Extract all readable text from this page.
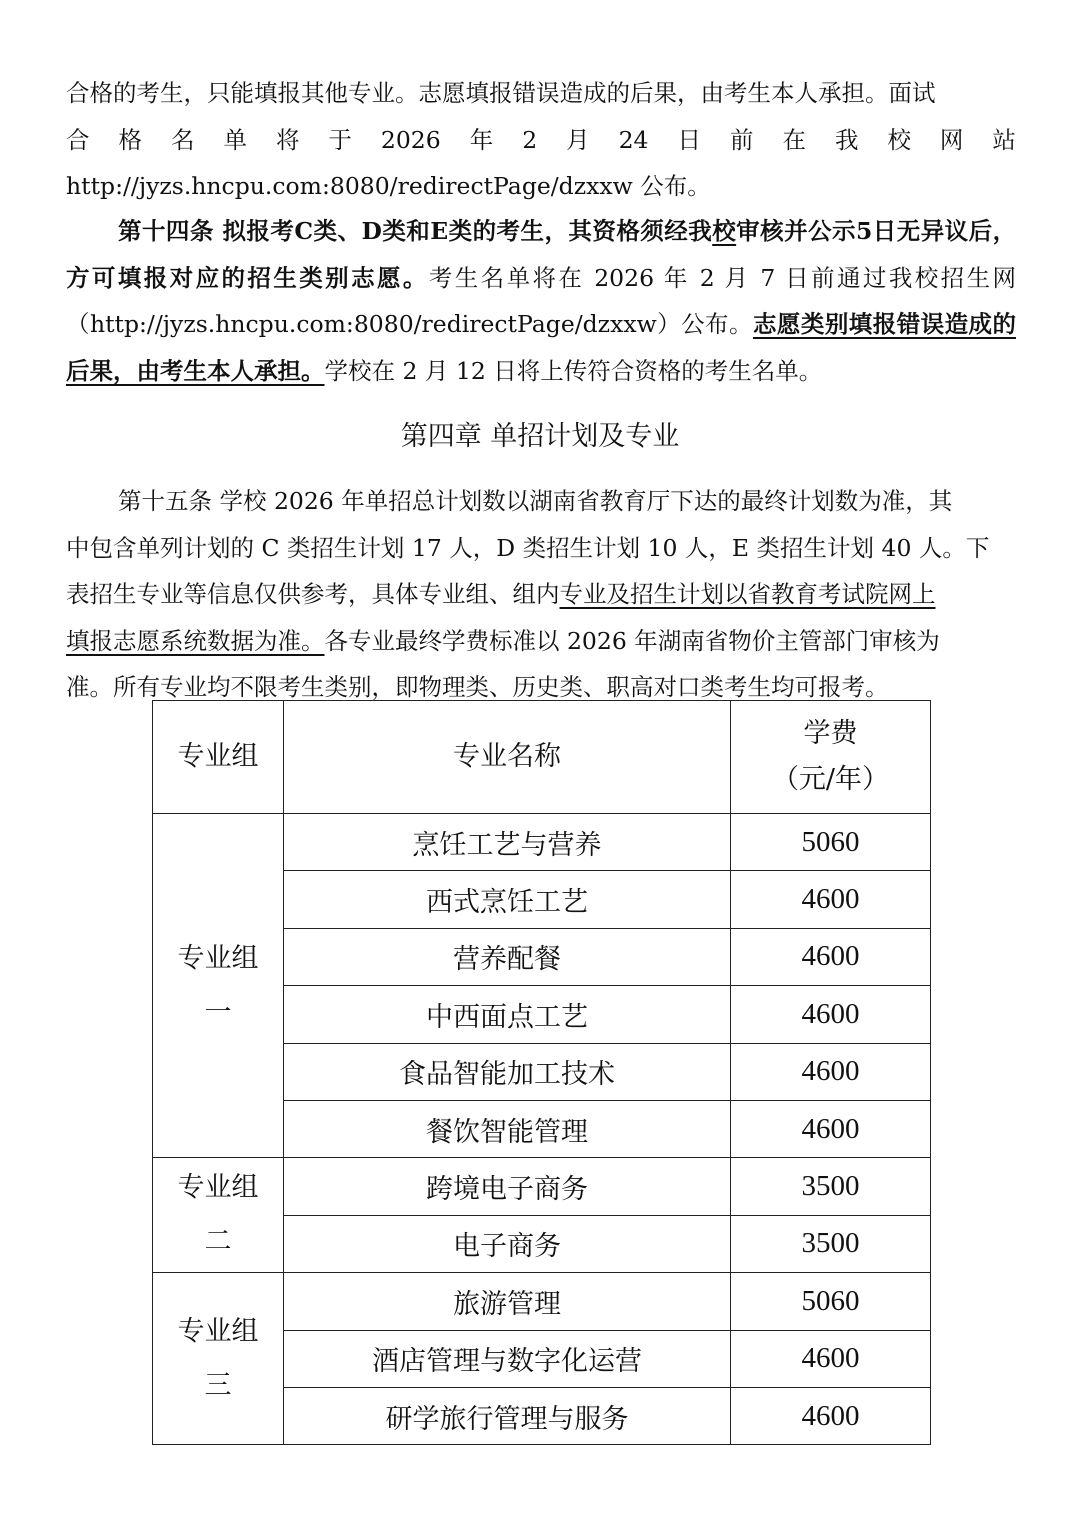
合格的考生，只能填报其他专业。志愿填报错误造成的后果，由考生本人承担。面试
合 格 名 单 将 于 2026 年 2 月 24 日 前 在 我 校 网 站
http://jyzs.hncpu.com:8080/redirectPage/dzxxw 公布。
第十四条 拟报考C类、D类和E类的考生，其资格须经我校审核并公示5日无异议后，方可填报对应的招生类别志愿。考生名单将在 2026 年 2 月 7 日前通过我校招生网（http://jyzs.hncpu.com:8080/redirectPage/dzxxw）公布。志愿类别填报错误造成的后果，由考生本人承担。学校在 2 月 12 日将上传符合资格的考生名单。
第四章 单招计划及专业
第十五条 学校 2026 年单招总计划数以湖南省教育厅下达的最终计划数为准，其
中包含单列计划的 C 类招生计划 17 人，D 类招生计划 10 人，E 类招生计划 40 人。下
表招生专业等信息仅供参考，具体专业组、组内专业及招生计划以省教育考试院网上
填报志愿系统数据为准。各专业最终学费标准以 2026 年湖南省物价主管部门审核为
准。所有专业均不限考生类别，即物理类、历史类、职高对口类考生均可报考。
专业组	专业名称	学费
（元/年）
专业组
一	烹饪工艺与营养	5060
	西式烹饪工艺	4600
	营养配餐	4600
	中西面点工艺	4600
	食品智能加工技术	4600
	餐饮智能管理	4600
专业组
二	跨境电子商务	3500
	电子商务	3500
专业组
三	旅游管理	5060
	酒店管理与数字化运营	4600
	研学旅行管理与服务	4600
